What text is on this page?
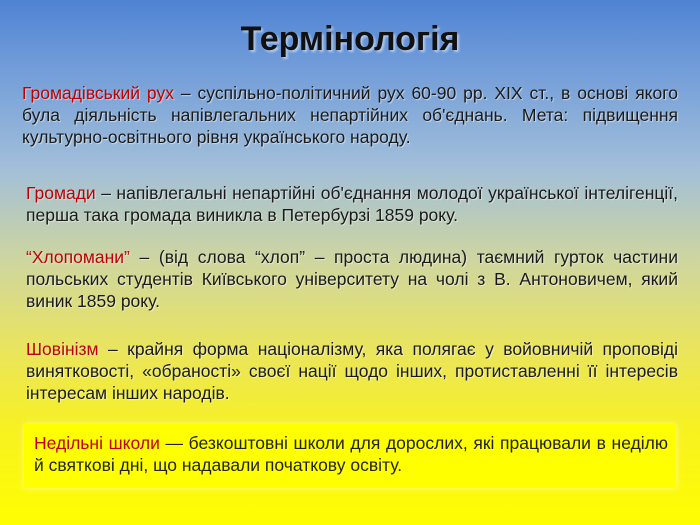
Термінологія

Громадівський рух – суспільно-політичний рух 60-90 рр. XIX ст., в основі якого була діяльність напівлегальних непартійних об'єднань. Мета: підвищення культурно-освітнього рівня українського народу.

Громади – напівлегальні непартійні об'єднання молодої української інтелігенції, перша така громада виникла в Петербурзі 1859 року.

“Хлопомани” – (від слова “хлоп” – проста людина) таємний гурток частини польських студентів Київського університету на чолі з В. Антоновичем, який виник 1859 року.

Шовінізм – крайня форма націоналізму, яка полягає у войовничій проповіді винятковості, «обраності» своєї нації щодо інших, протиставленні її інтересів інтересам інших народів.

Недільні школи — безкоштовні школи для дорослих, які працювали в неділю й святкові дні, що надавали початкову освіту.
